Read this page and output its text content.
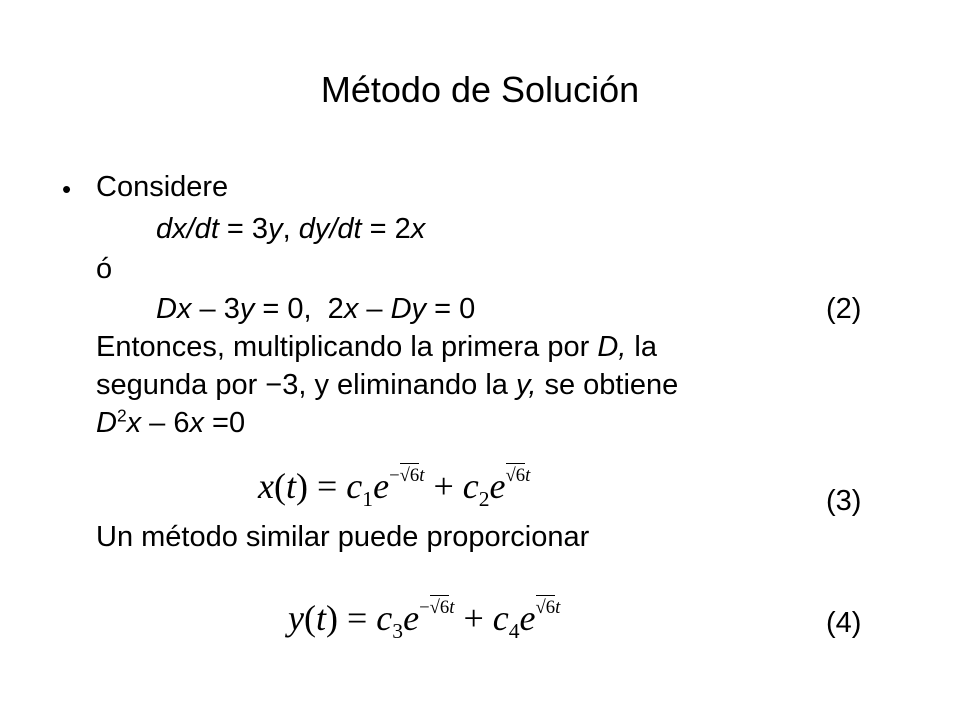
Método de Solución
• Considere
dx/dt = 3y, dy/dt = 2x
ó
Dx – 3y = 0,  2x – Dy = 0	(2)
Entonces, multiplicando la primera por D, la
segunda por −3, y eliminando la y, se obtiene
$D^2x - 6x =0$
$x(t) = c_1e^{-√6t} + c_2e^{√6t}$
(3)
Un método similar puede proporcionar
$y(t) = c_3e^{-√6t} + c_4e^{√6t}$	(4)
